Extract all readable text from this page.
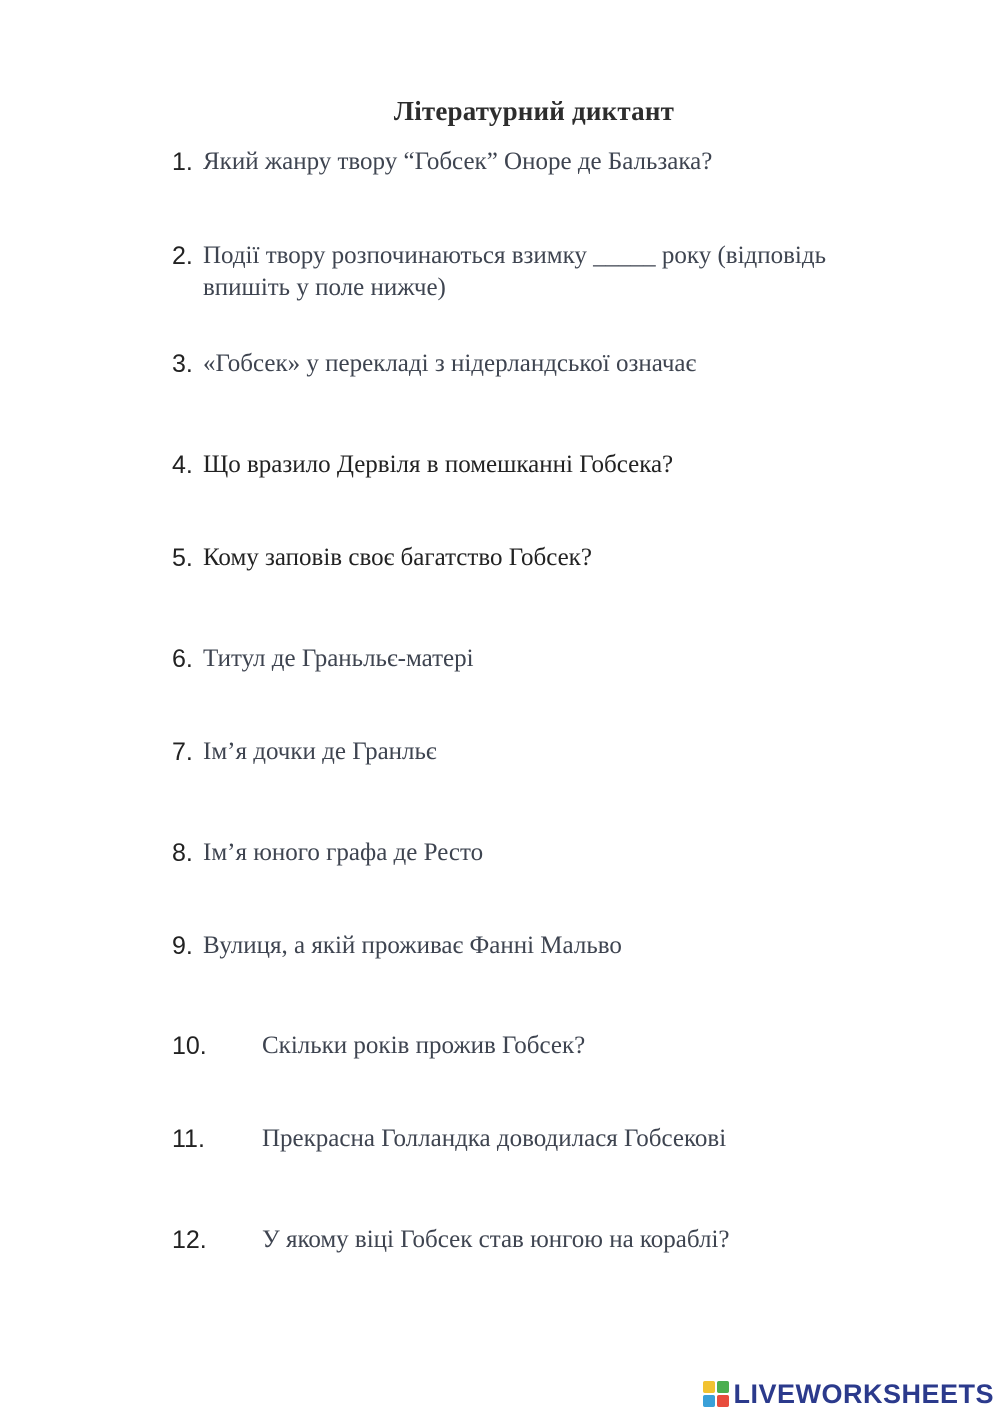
Літературний диктант
1. Який жанру твору “Гобсек” Оноре де Бальзака?
2. Події твору розпочинаються взимку _____ року (відповідь впишіть у поле нижче)
3. «Гобсек» у перекладі з нідерландської означає
4. Що вразило Дервіля в помешканні Гобсека?
5. Кому заповів своє багатство Гобсек?
6. Титул де Граньльє-матері
7. Ім’я дочки де Гранльє
8. Ім’я юного графа де Ресто
9. Вулиця, а якій проживає Фанні Мальво
10. Скільки років прожив Гобсек?
11. Прекрасна Голландка доводилася Гобсекові
12. У якому віці Гобсек став юнгою на кораблі?
LIVEWORKSHEETS
